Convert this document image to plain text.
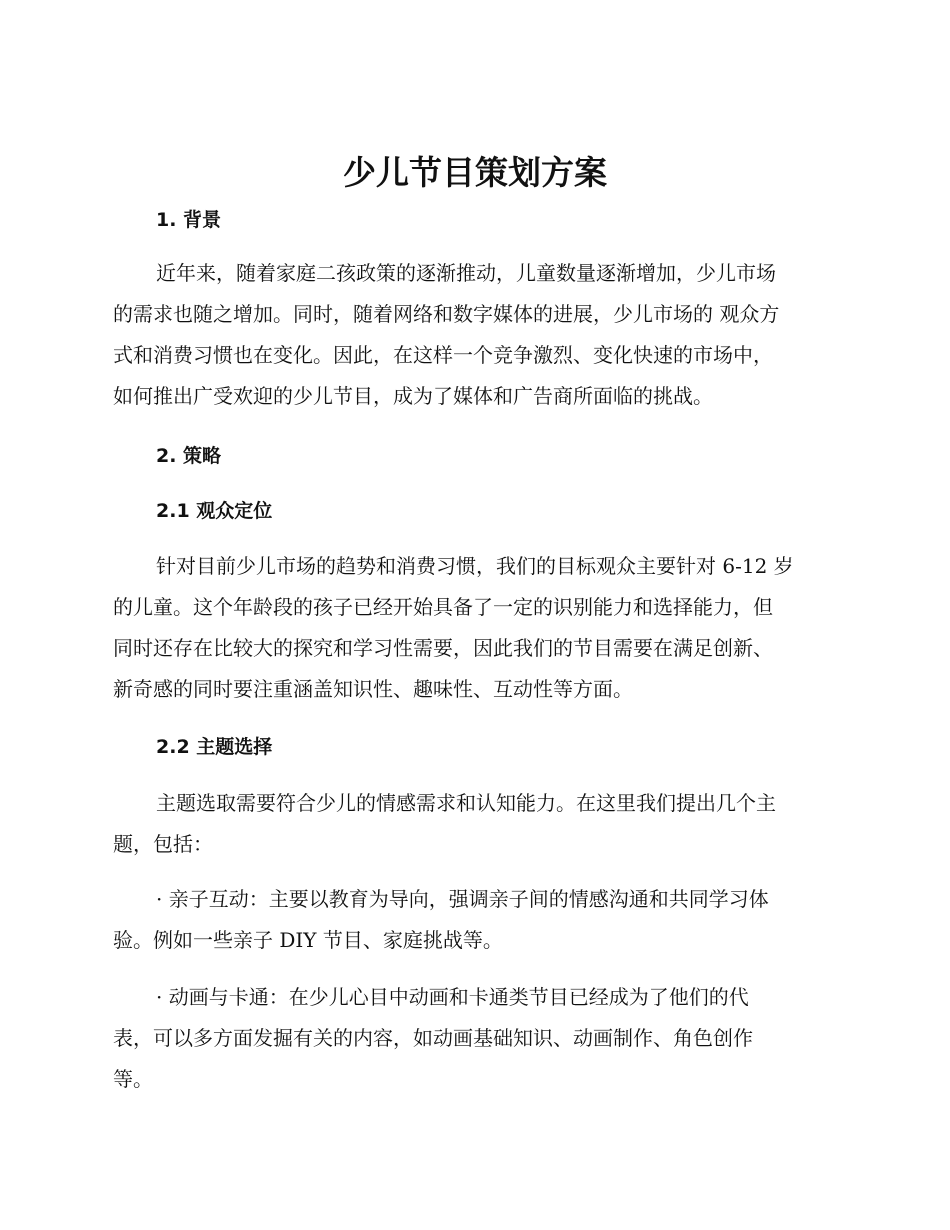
少儿节目策划方案
1. 背景
近年来，随着家庭二孩政策的逐渐推动，儿童数量逐渐增加，少儿市场
的需求也随之增加。同时，随着网络和数字媒体的进展，少儿市场的 观众方
式和消费习惯也在变化。因此，在这样一个竞争激烈、变化快速的市场中，
如何推出广受欢迎的少儿节目，成为了媒体和广告商所面临的挑战。
2. 策略
2.1 观众定位
针对目前少儿市场的趋势和消费习惯，我们的目标观众主要针对 6-12 岁
的儿童。这个年龄段的孩子已经开始具备了一定的识别能力和选择能力，但
同时还存在比较大的探究和学习性需要，因此我们的节目需要在满足创新、
新奇感的同时要注重涵盖知识性、趣味性、互动性等方面。
2.2 主题选择
主题选取需要符合少儿的情感需求和认知能力。在这里我们提出几个主
题，包括：
· 亲子互动：主要以教育为导向，强调亲子间的情感沟通和共同学习体
验。例如一些亲子 DIY 节目、家庭挑战等。
· 动画与卡通：在少儿心目中动画和卡通类节目已经成为了他们的代
表，可以多方面发掘有关的内容，如动画基础知识、动画制作、角色创作
等。
